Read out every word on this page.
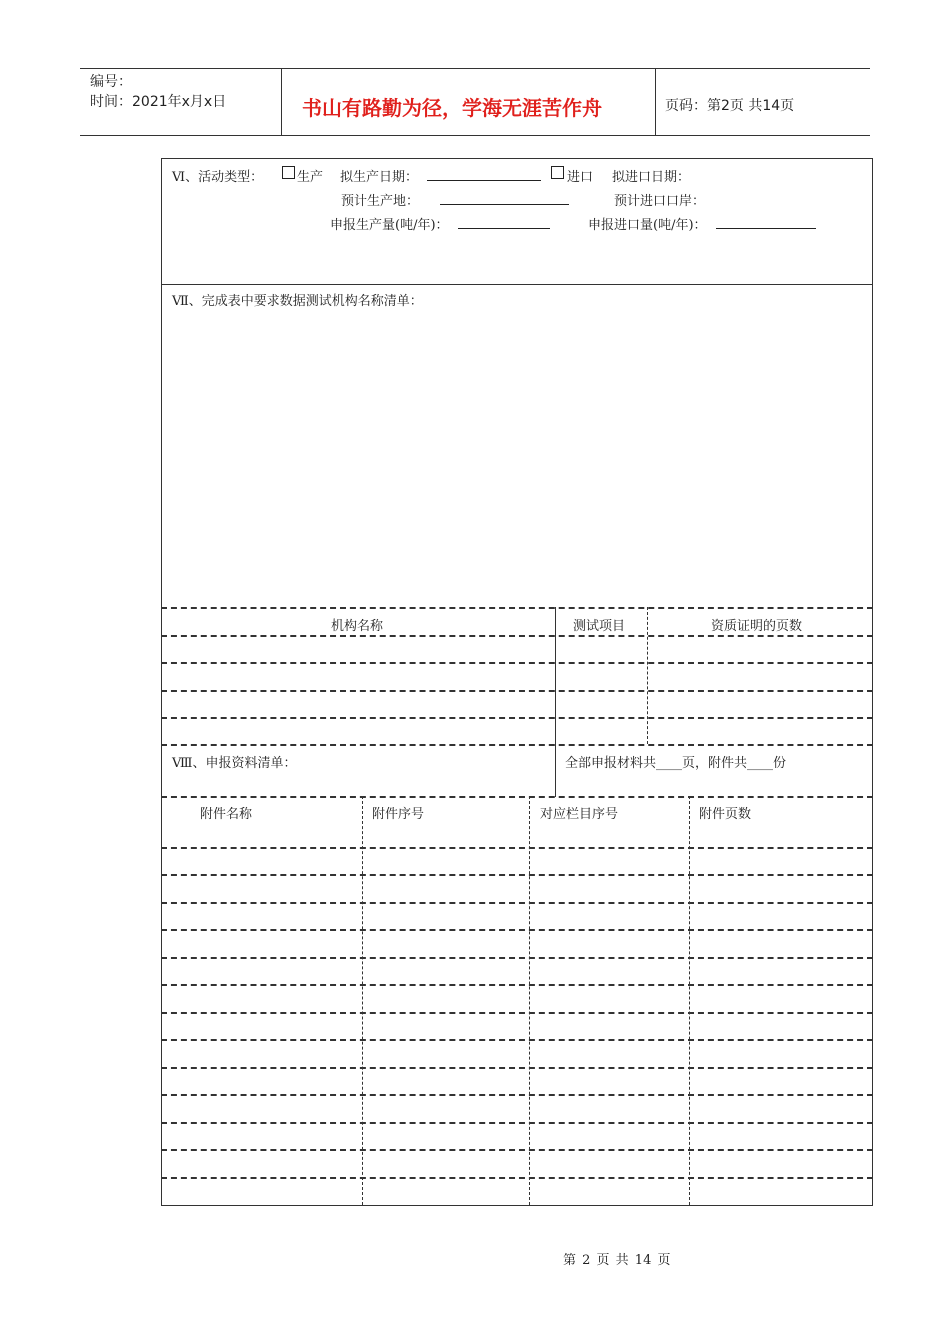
编号：
时间：2021年x月x日	书山有路勤为径，学海无涯苦作舟	页码：第2页 共14页
Ⅵ、活动类型：	生产 拟生产日期：	进口 拟进口日期：
预计生产地：	预计进口口岸：
申报生产量(吨/年)：	申报进口量(吨/年)：
Ⅶ、完成表中要求数据测试机构名称清单：
机构名称	测试项目	资质证明的页数
Ⅷ、申报资料清单：	全部申报材料共____页，附件共____份
附件名称	附件序号	对应栏目序号	附件页数
第 2 页 共 14 页
